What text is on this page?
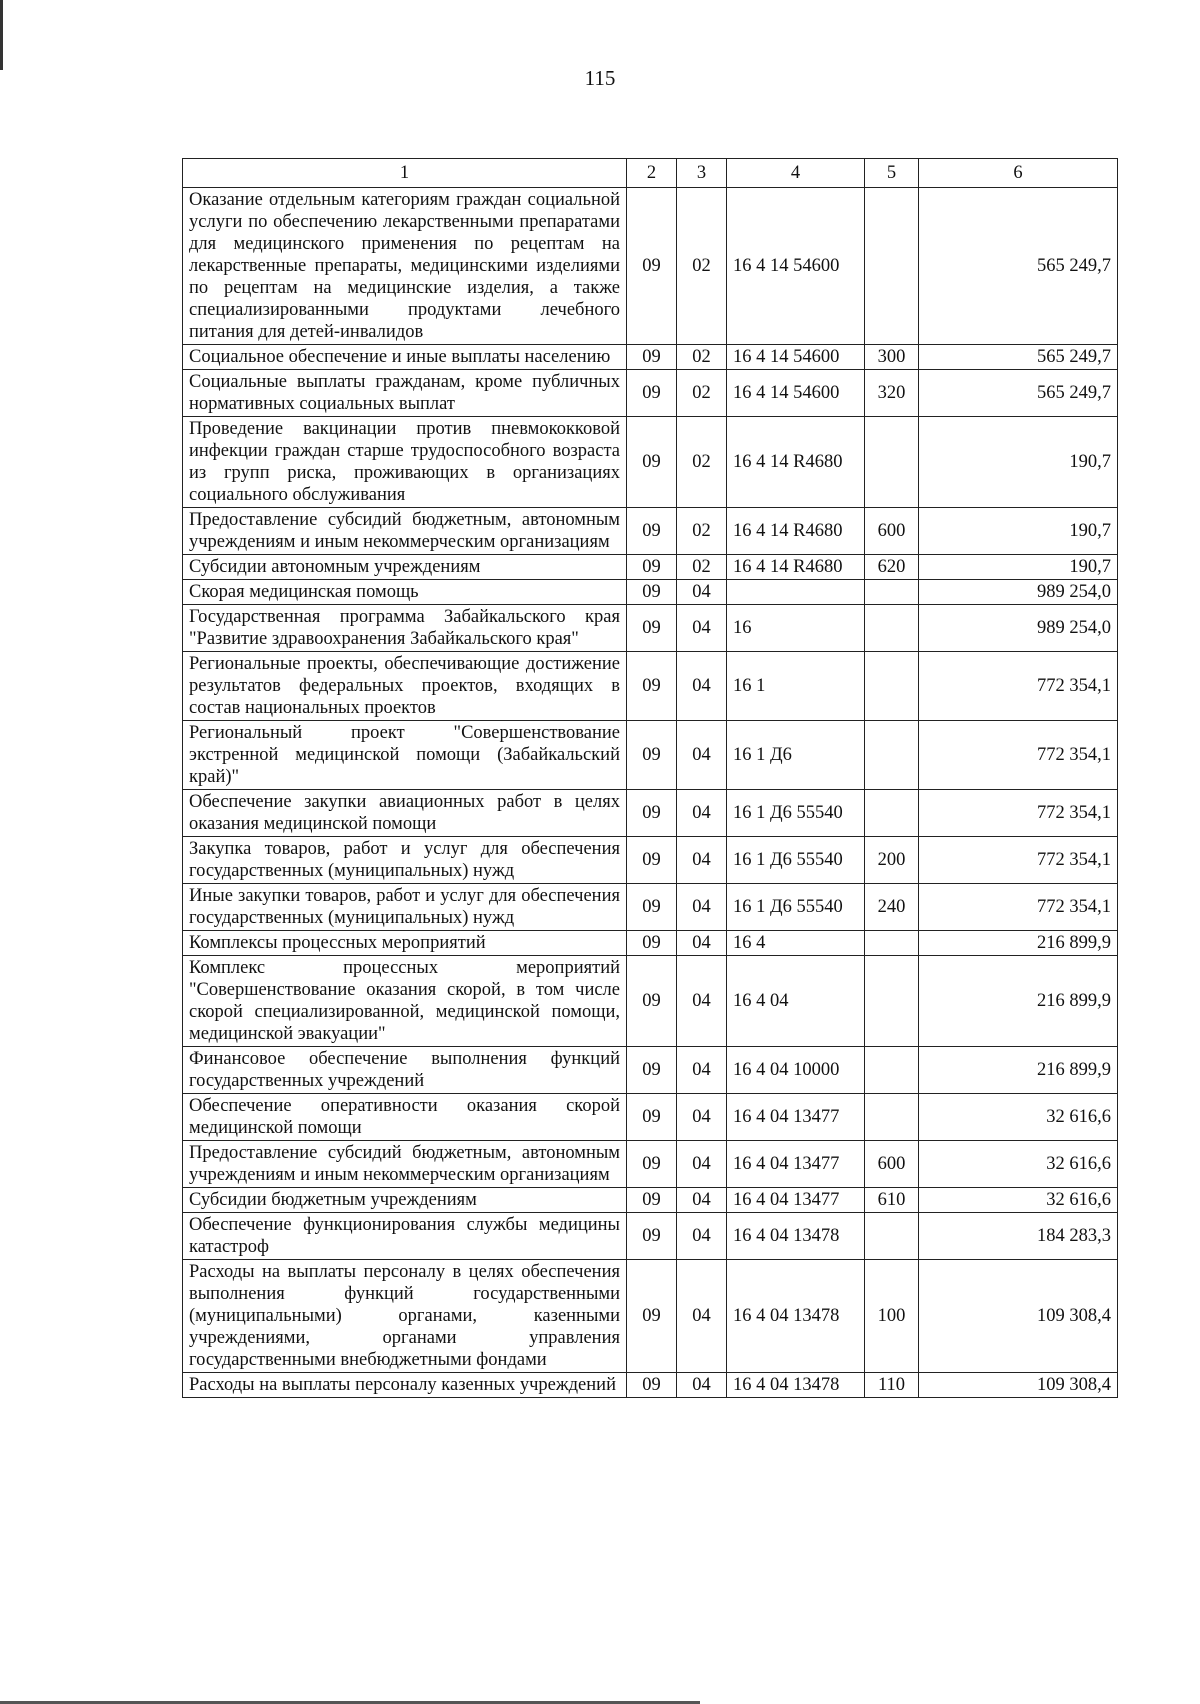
115
1	2	3	4	5	6
Оказание отдельным категориям граждан социальной услуги по обеспечению лекарственными препаратами для медицинского применения по рецептам на лекарственные препараты, медицинскими изделиями по рецептам на медицинские изделия, а также специализированными продуктами лечебного питания для детей-инвалидов	09	02	16 4 14 54600		565 249,7
Социальное обеспечение и иные выплаты населению	09	02	16 4 14 54600	300	565 249,7
Социальные выплаты гражданам, кроме публичных нормативных социальных выплат	09	02	16 4 14 54600	320	565 249,7
Проведение вакцинации против пневмококковой инфекции граждан старше трудоспособного возраста из групп риска, проживающих в организациях социального обслуживания	09	02	16 4 14 R4680		190,7
Предоставление субсидий бюджетным, автономным учреждениям и иным некоммерческим организациям	09	02	16 4 14 R4680	600	190,7
Субсидии автономным учреждениям	09	02	16 4 14 R4680	620	190,7
Скорая медицинская помощь	09	04			989 254,0
Государственная программа Забайкальского края "Развитие здравоохранения Забайкальского края"	09	04	16		989 254,0
Региональные проекты, обеспечивающие достижение результатов федеральных проектов, входящих в состав национальных проектов	09	04	16 1		772 354,1
Региональный проект "Совершенствование экстренной медицинской помощи (Забайкальский край)"	09	04	16 1 Д6		772 354,1
Обеспечение закупки авиационных работ в целях оказания медицинской помощи	09	04	16 1 Д6 55540		772 354,1
Закупка товаров, работ и услуг для обеспечения государственных (муниципальных) нужд	09	04	16 1 Д6 55540	200	772 354,1
Иные закупки товаров, работ и услуг для обеспечения государственных (муниципальных) нужд	09	04	16 1 Д6 55540	240	772 354,1
Комплексы процессных мероприятий	09	04	16 4		216 899,9
Комплекс процессных мероприятий "Совершенствование оказания скорой, в том числе скорой специализированной, медицинской помощи, медицинской эвакуации"	09	04	16 4 04		216 899,9
Финансовое обеспечение выполнения функций государственных учреждений	09	04	16 4 04 10000		216 899,9
Обеспечение оперативности оказания скорой медицинской помощи	09	04	16 4 04 13477		32 616,6
Предоставление субсидий бюджетным, автономным учреждениям и иным некоммерческим организациям	09	04	16 4 04 13477	600	32 616,6
Субсидии бюджетным учреждениям	09	04	16 4 04 13477	610	32 616,6
Обеспечение функционирования службы медицины катастроф	09	04	16 4 04 13478		184 283,3
Расходы на выплаты персоналу в целях обеспечения выполнения функций государственными (муниципальными) органами, казенными учреждениями, органами управления государственными внебюджетными фондами	09	04	16 4 04 13478	100	109 308,4
Расходы на выплаты персоналу казенных учреждений	09	04	16 4 04 13478	110	109 308,4
